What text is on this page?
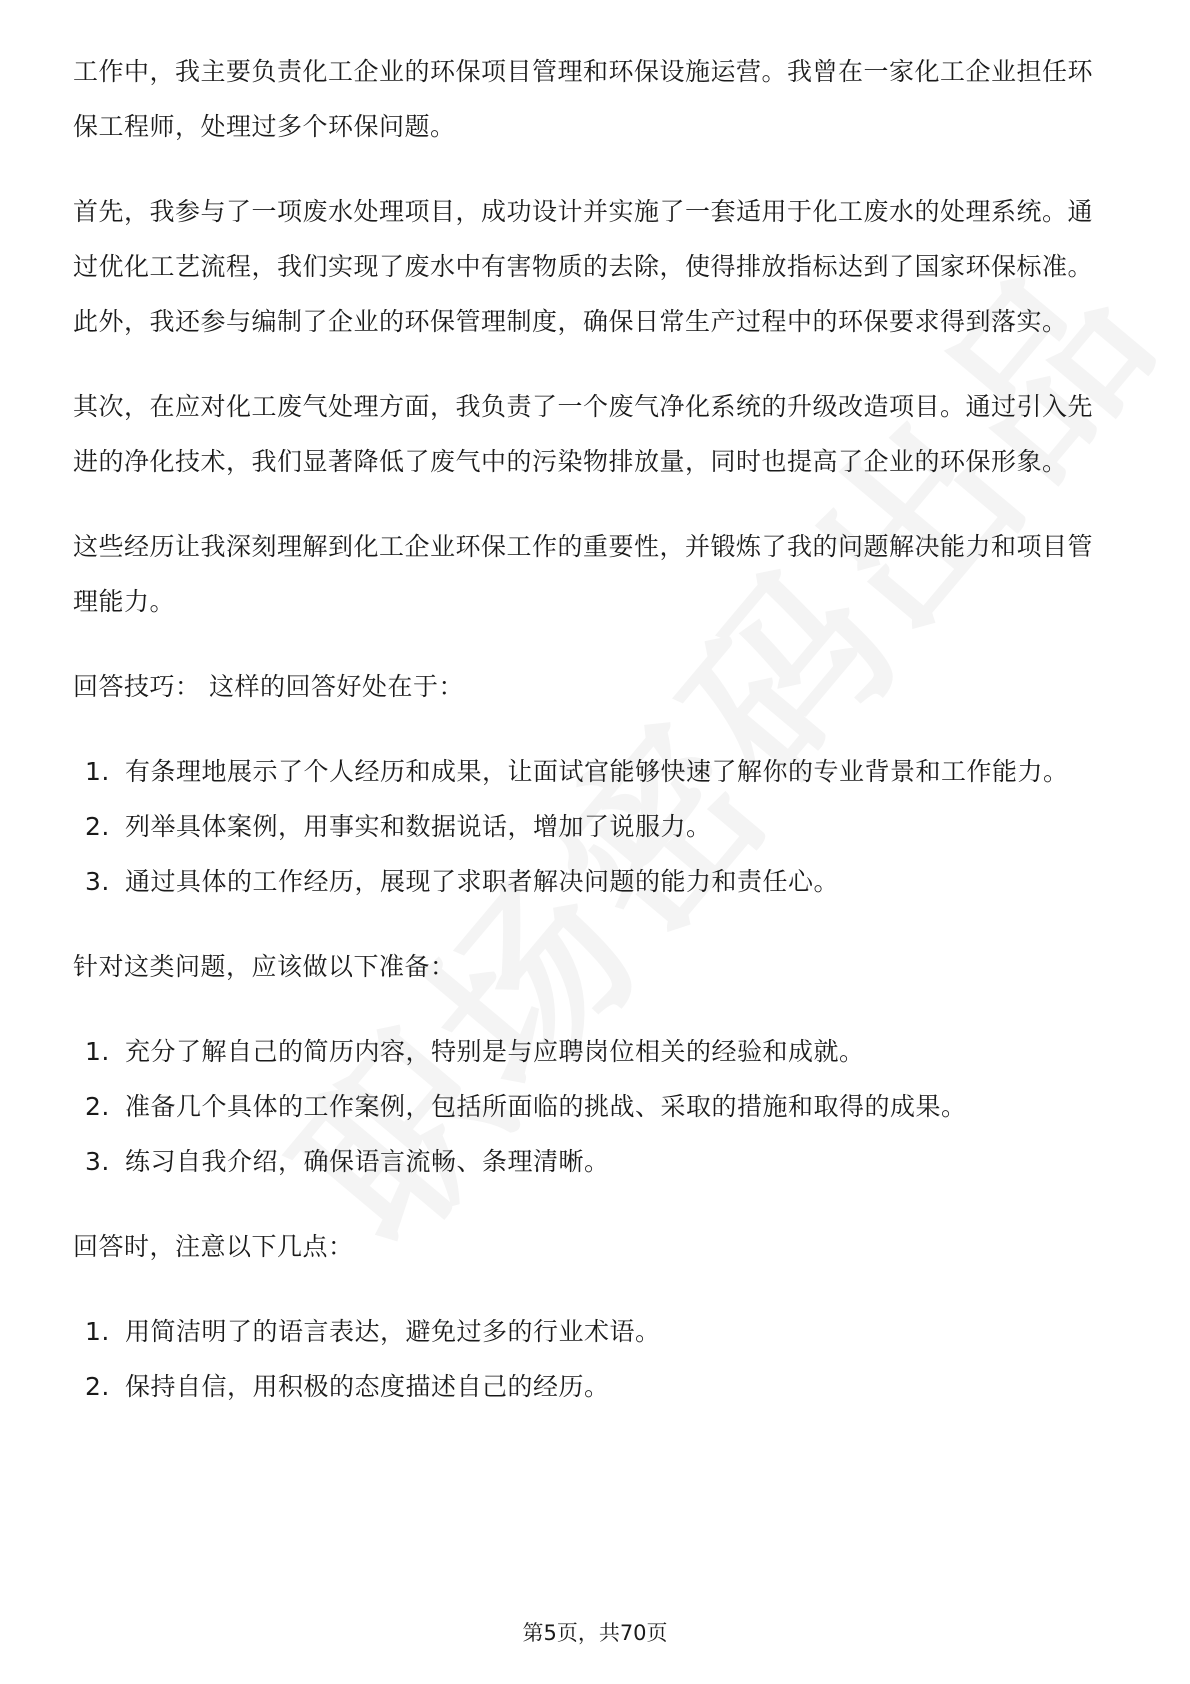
工作中，我主要负责化工企业的环保项目管理和环保设施运营。我曾在一家化工企业担任环保工程师，处理过多个环保问题。

首先，我参与了一项废水处理项目，成功设计并实施了一套适用于化工废水的处理系统。通过优化工艺流程，我们实现了废水中有害物质的去除，使得排放指标达到了国家环保标准。此外，我还参与编制了企业的环保管理制度，确保日常生产过程中的环保要求得到落实。

其次，在应对化工废气处理方面，我负责了一个废气净化系统的升级改造项目。通过引入先进的净化技术，我们显著降低了废气中的污染物排放量，同时也提高了企业的环保形象。

这些经历让我深刻理解到化工企业环保工作的重要性，并锻炼了我的问题解决能力和项目管理能力。

回答技巧： 这样的回答好处在于：

1. 有条理地展示了个人经历和成果，让面试官能够快速了解你的专业背景和工作能力。
2. 列举具体案例，用事实和数据说话，增加了说服力。
3. 通过具体的工作经历，展现了求职者解决问题的能力和责任心。

针对这类问题，应该做以下准备：

1. 充分了解自己的简历内容，特别是与应聘岗位相关的经验和成就。
2. 准备几个具体的工作案例，包括所面临的挑战、采取的措施和取得的成果。
3. 练习自我介绍，确保语言流畅、条理清晰。

回答时，注意以下几点：

1. 用简洁明了的语言表达，避免过多的行业术语。
2. 保持自信，用积极的态度描述自己的经历。
第5页，共70页
